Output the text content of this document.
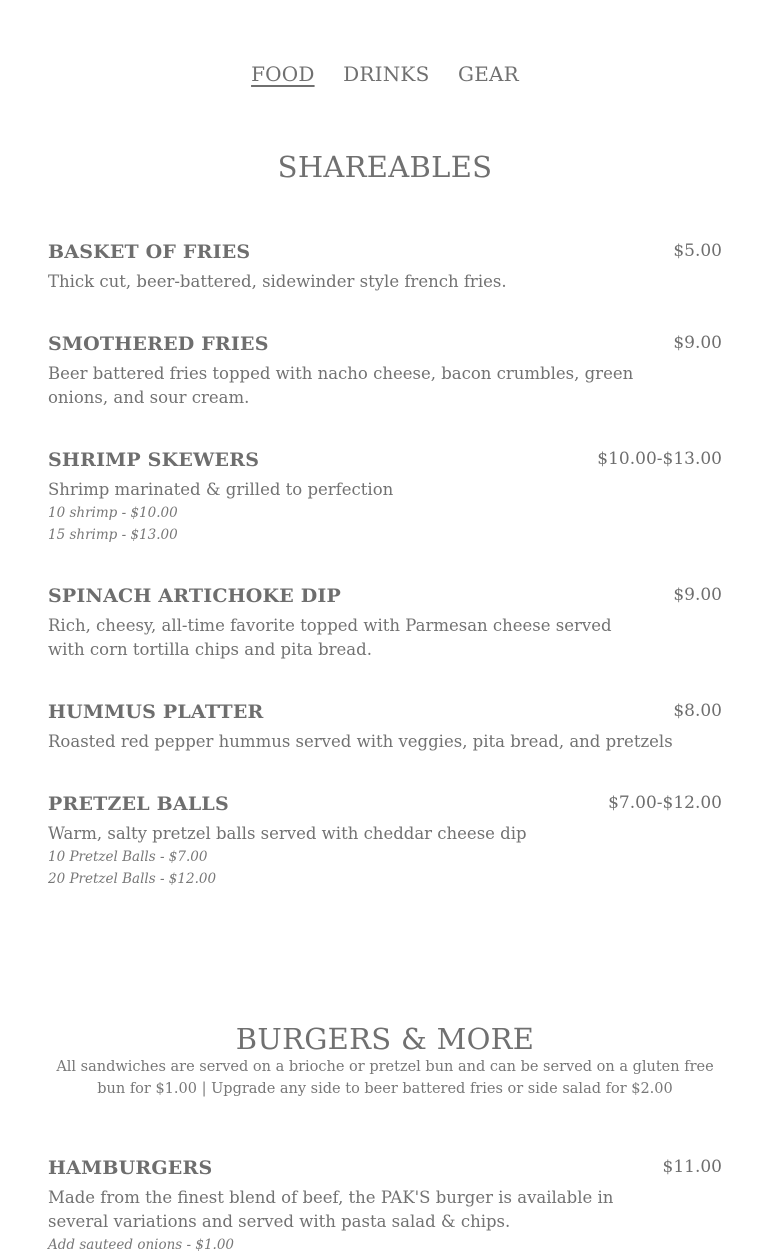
FOOD DRINKS GEAR
SHAREABLES
BASKET OF FRIES	$5.00
Thick cut, beer-battered, sidewinder style french fries.
SMOTHERED FRIES	$9.00
Beer battered fries topped with nacho cheese, bacon crumbles, green onions, and sour cream.
SHRIMP SKEWERS	$10.00-$13.00
Shrimp marinated & grilled to perfection
10 shrimp - $10.00
15 shrimp - $13.00
SPINACH ARTICHOKE DIP	$9.00
Rich, cheesy, all-time favorite topped with Parmesan cheese served with corn tortilla chips and pita bread.
HUMMUS PLATTER	$8.00
Roasted red pepper hummus served with veggies, pita bread, and pretzels
PRETZEL BALLS	$7.00-$12.00
Warm, salty pretzel balls served with cheddar cheese dip
10 Pretzel Balls - $7.00
20 Pretzel Balls - $12.00
BURGERS & MORE
All sandwiches are served on a brioche or pretzel bun and can be served on a gluten free bun for $1.00 | Upgrade any side to beer battered fries or side salad for $2.00
HAMBURGERS	$11.00
Made from the finest blend of beef, the PAK'S burger is available in several variations and served with pasta salad & chips.
Add sauteed onions - $1.00
